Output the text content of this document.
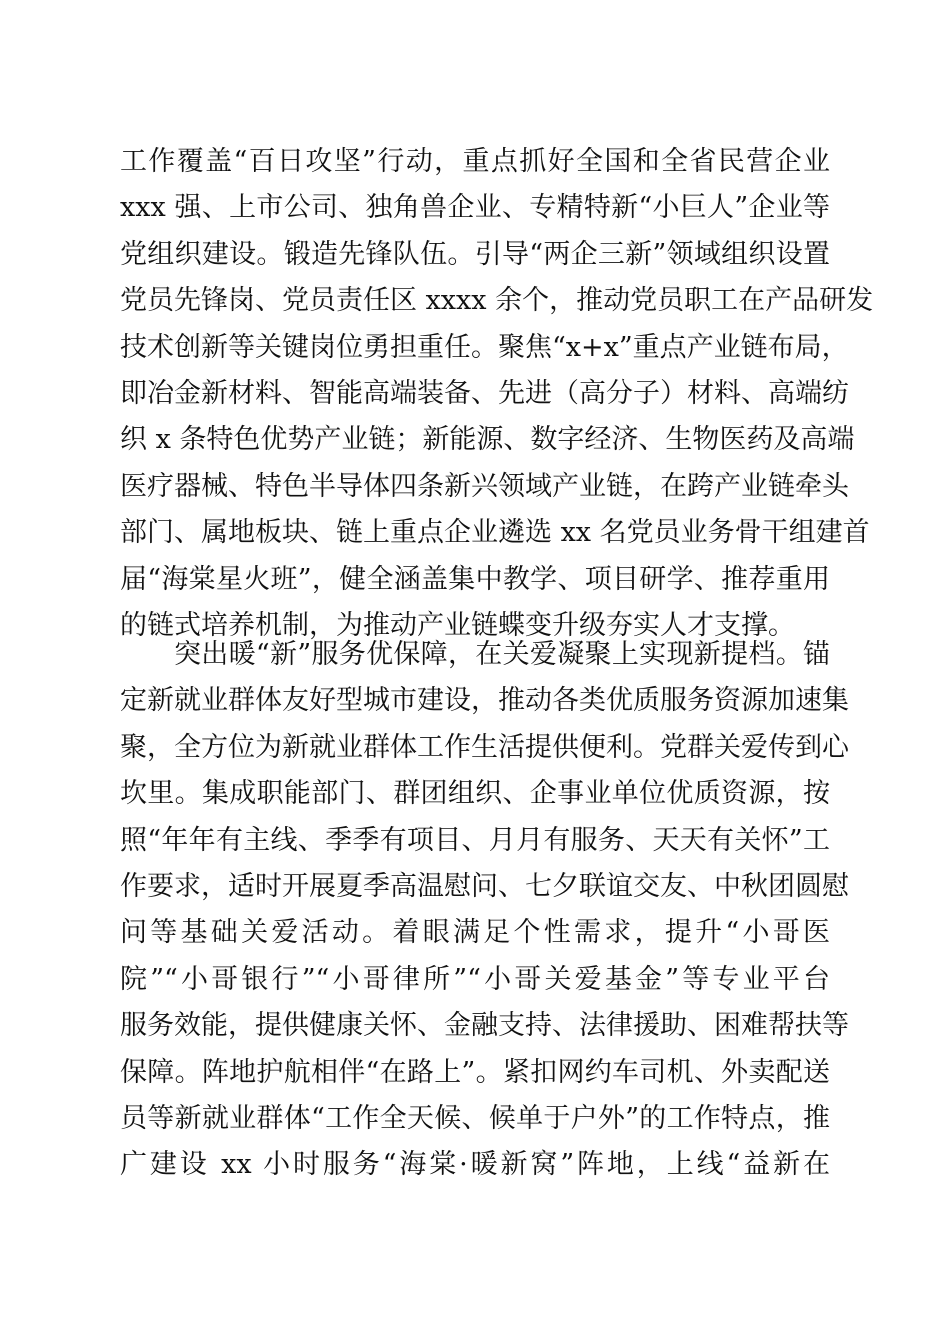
工作覆盖“百日攻坚”行动，重点抓好全国和全省民营企业
xxx 强、上市公司、独角兽企业、专精特新“小巨人”企业等
党组织建设。锻造先锋队伍。引导“两企三新”领域组织设置
党员先锋岗、党员责任区 xxxx 余个，推动党员职工在产品研发
技术创新等关键岗位勇担重任。聚焦“x+x”重点产业链布局，
即冶金新材料、智能高端装备、先进（高分子）材料、高端纺
织 x 条特色优势产业链；新能源、数字经济、生物医药及高端
医疗器械、特色半导体四条新兴领域产业链，在跨产业链牵头
部门、属地板块、链上重点企业遴选 xx 名党员业务骨干组建首
届“海棠星火班”，健全涵盖集中教学、项目研学、推荐重用
的链式培养机制，为推动产业链蝶变升级夯实人才支撑。
突出暖“新”服务优保障，在关爱凝聚上实现新提档。锚
定新就业群体友好型城市建设，推动各类优质服务资源加速集
聚，全方位为新就业群体工作生活提供便利。党群关爱传到心
坎里。集成职能部门、群团组织、企事业单位优质资源，按
照“年年有主线、季季有项目、月月有服务、天天有关怀”工
作要求，适时开展夏季高温慰问、七夕联谊交友、中秋团圆慰
问等基础关爱活动。着眼满足个性需求，提升“小哥医
院”“小哥银行”“小哥律所”“小哥关爱基金”等专业平台
服务效能，提供健康关怀、金融支持、法律援助、困难帮扶等
保障。阵地护航相伴“在路上”。紧扣网约车司机、外卖配送
员等新就业群体“工作全天候、候单于户外”的工作特点，推
广建设 xx 小时服务“海棠·暖新窝”阵地，上线“益新在
